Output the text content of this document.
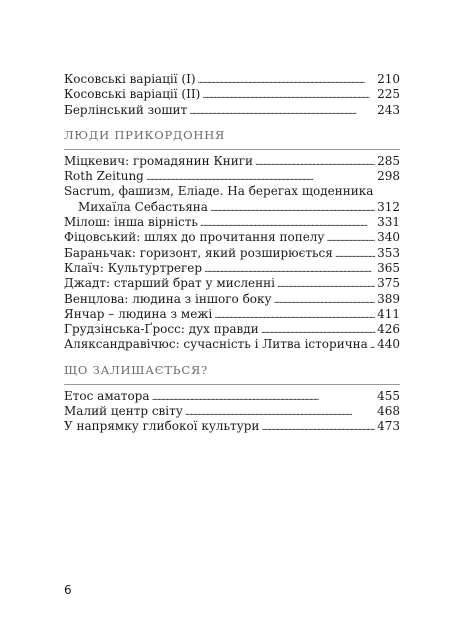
Косовські варіації (I) . . .	210
Косовські варіації (II) . . .	225
Берлінський зошит . . .	243
ЛЮДИ ПРИКОРДОННЯ
Міцкевич: громадянин Книги . . .	285
Roth Zeitung . . .	298
Sacrum, фашизм, Еліаде. На берегах щоденника
Михаїла Себастьяна . . .	312
Мілош: інша вірність . . .	331
Фіцовський: шлях до прочитання попелу . . .	340
Бараньчак: горизонт, який розширюється . . .	353
Клаїч: Культуртрегер . . .	365
Джадт: старший брат у мисленні . . .	375
Венцлова: людина з іншого боку . . .	389
Янчар – людина з межі . . .	411
Грудзінська-Ґросс: дух правди . . .	426
Аляксандравічюс: сучасність і Литва історична . . . 440
ЩО ЗАЛИШАЄТЬСЯ?
Етос аматора . . .	455
Малий центр світу . . .	468
У напрямку глибокої культури . . .	473
6
